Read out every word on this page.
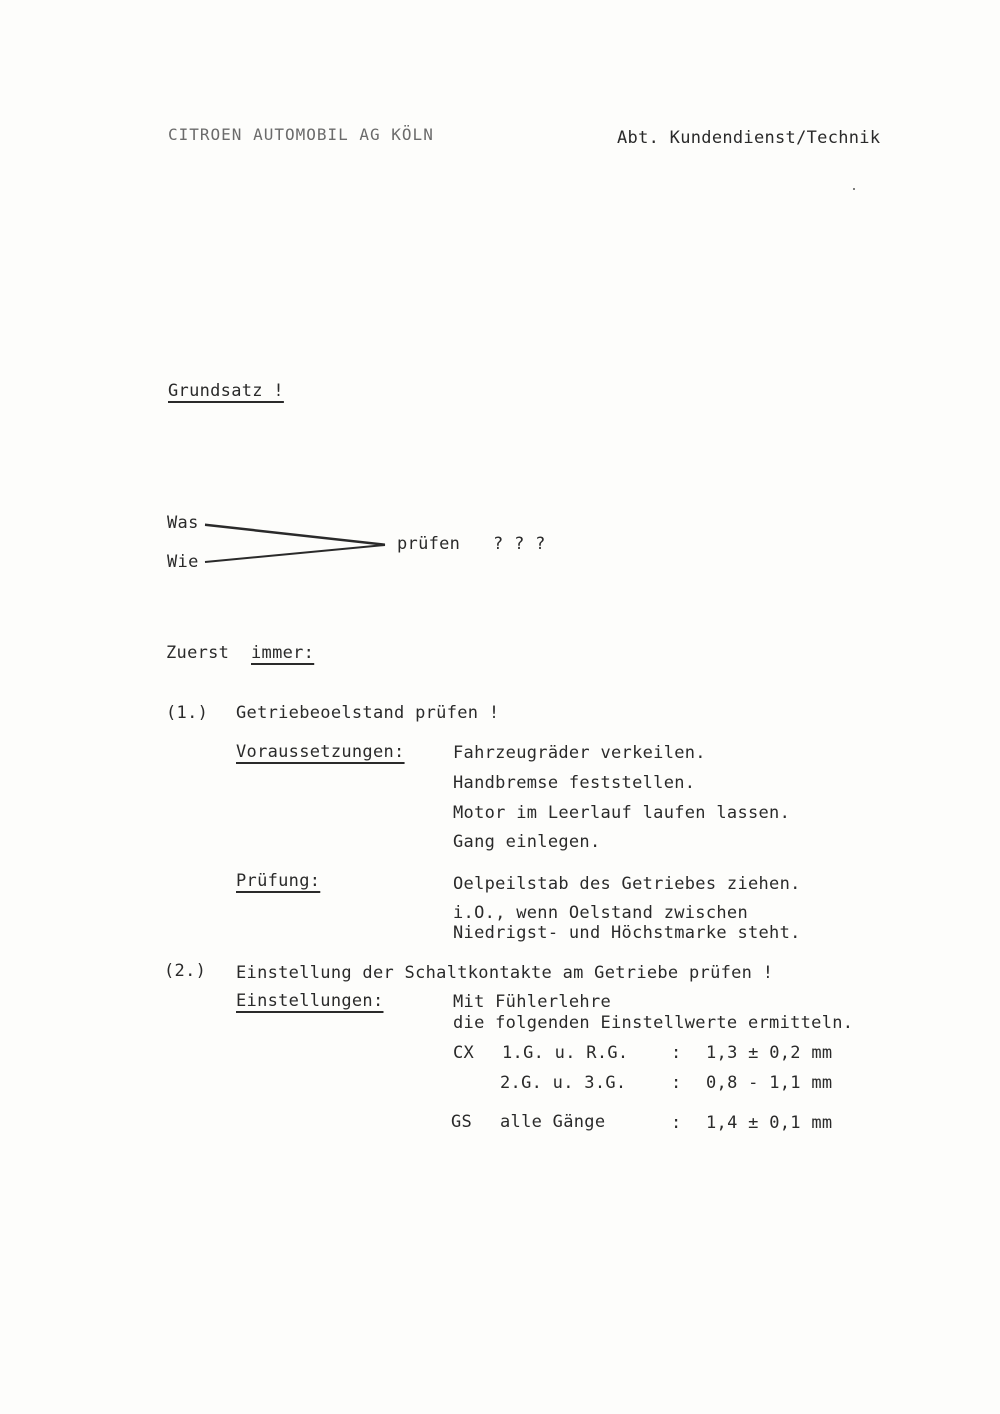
CITROEN AUTOMOBIL AG KÖLN	Abt. Kundendienst/Technik
Grundsatz !
Was
Wie
prüfen ? ? ?
Zuerst immer:
(1.) Getriebeoelstand prüfen !
Voraussetzungen:	Fahrzeugräder verkeilen.
Handbremse feststellen.
Motor im Leerlauf laufen lassen.
Gang einlegen.
Prüfung:	Oelpeilstab des Getriebes ziehen.
i.O., wenn Oelstand zwischen
Niedrigst- und Höchstmarke steht.
(2.) Einstellung der Schaltkontakte am Getriebe prüfen !
Einstellungen:	Mit Fühlerlehre
die folgenden Einstellwerte ermitteln.
CX 1.G. u. R.G.	: 1,3 ± 0,2 mm
2.G. u. 3.G.	: 0,8 - 1,1 mm
GS alle Gänge	: 1,4 ± 0,1 mm
